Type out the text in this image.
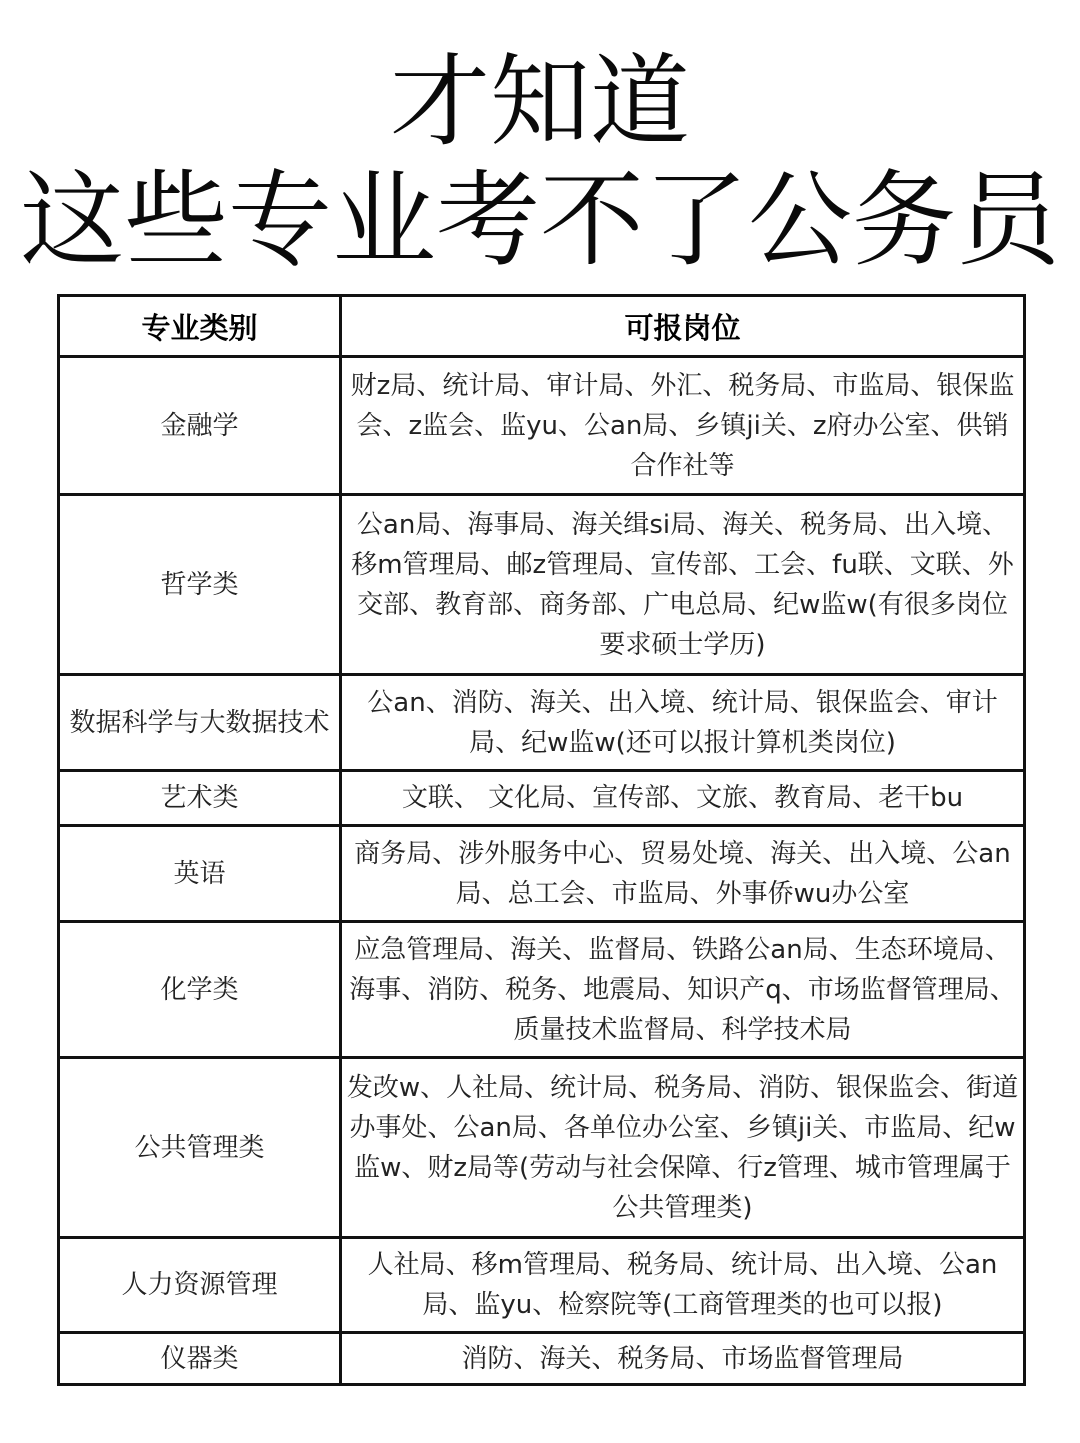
才知道
这些专业考不了公务员
专业类别	可报岗位
金融学	财z局、统计局、审计局、外汇、税务局、市监局、银保监会、z监会、监yu、公an局、乡镇ji关、z府办公室、供销合作社等
哲学类	公an局、海事局、海关缉si局、海关、税务局、出入境、移m管理局、邮z管理局、宣传部、工会、fu联、文联、外交部、教育部、商务部、广电总局、纪w监w(有很多岗位要求硕士学历)
数据科学与大数据技术	公an、消防、海关、出入境、统计局、银保监会、审计局、纪w监w(还可以报计算机类岗位)
艺术类	文联、 文化局、宣传部、文旅、教育局、老干bu
英语	商务局、涉外服务中心、贸易处境、海关、出入境、公an局、总工会、市监局、外事侨wu办公室
化学类	应急管理局、海关、监督局、铁路公an局、生态环境局、海事、消防、税务、地震局、知识产q、市场监督管理局、质量技术监督局、科学技术局
公共管理类	发改w、人社局、统计局、税务局、消防、银保监会、街道办事处、公an局、各单位办公室、乡镇ji关、市监局、纪w监w、财z局等(劳动与社会保障、行z管理、城市管理属于公共管理类)
人力资源管理	人社局、移m管理局、税务局、统计局、出入境、公an局、监yu、检察院等(工商管理类的也可以报)
仪器类	消防、海关、税务局、市场监督管理局
